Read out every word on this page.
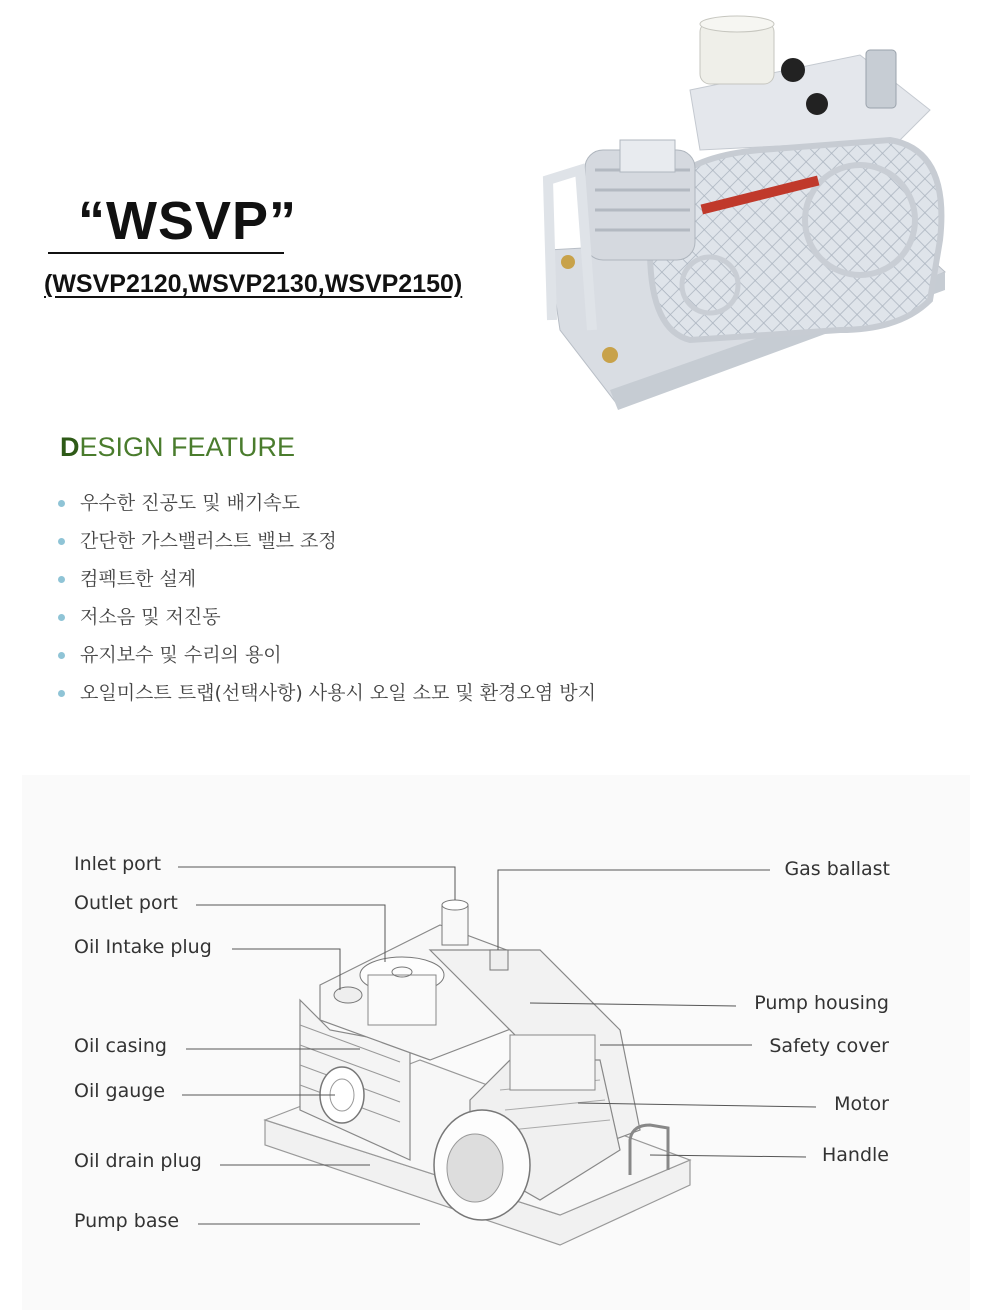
“WSVP”
(WSVP2120,WSVP2130,WSVP2150)
DESIGN FEATURE
우수한 진공도 및 배기속도
간단한 가스밸러스트 밸브 조정
컴펙트한 설계
저소음 및 저진동
유지보수 및 수리의 용이
오일미스트 트랩(선택사항) 사용시 오일 소모 및 환경오염 방지
Inlet port
Outlet port
Oil Intake plug
Oil casing
Oil gauge
Oil drain plug
Pump base
Gas ballast
Pump housing
Safety cover
Motor
Handle
